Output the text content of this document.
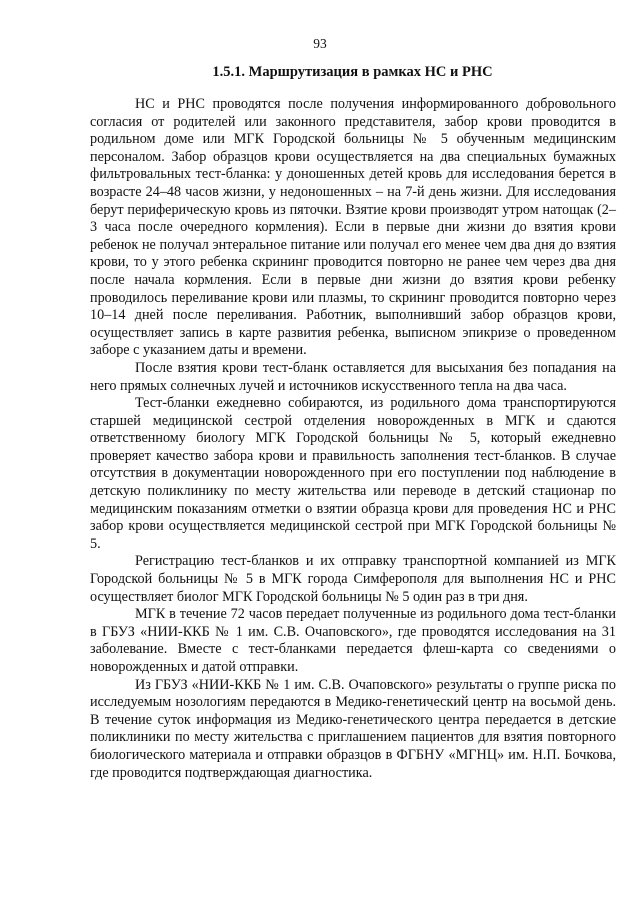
93
1.5.1. Маршрутизация в рамках НС и РНС

НС и РНС проводятся после получения информированного добровольного согласия от родителей или законного представителя, забор крови проводится в родильном доме или МГК Городской больницы № 5 обученным медицинским персоналом. Забор образцов крови осуществляется на два специальных бумажных фильтровальных тест-бланка: у доношенных детей кровь для исследования берется в возрасте 24–48 часов жизни, у недоношенных – на 7-й день жизни. Для исследования берут периферическую кровь из пяточки. Взятие крови производят утром натощак (2–3 часа после очередного кормления). Если в первые дни жизни до взятия крови ребенок не получал энтеральное питание или получал его менее чем два дня до взятия крови, то у этого ребенка скрининг проводится повторно не ранее чем через два дня после начала кормления. Если в первые дни жизни до взятия крови ребенку проводилось переливание крови или плазмы, то скрининг проводится повторно через 10–14 дней после переливания. Работник, выполнивший забор образцов крови, осуществляет запись в карте развития ребенка, выписном эпикризе о проведенном заборе с указанием даты и времени.

После взятия крови тест-бланк оставляется для высыхания без попадания на него прямых солнечных лучей и источников искусственного тепла на два часа.

Тест-бланки ежедневно собираются, из родильного дома транспортируются старшей медицинской сестрой отделения новорожденных в МГК и сдаются ответственному биологу МГК Городской больницы № 5, который ежедневно проверяет качество забора крови и правильность заполнения тест-бланков. В случае отсутствия в документации новорожденного при его поступлении под наблюдение в детскую поликлинику по месту жительства или переводе в детский стационар по медицинским показаниям отметки о взятии образца крови для проведения НС и РНС забор крови осуществляется медицинской сестрой при МГК Городской больницы № 5.

Регистрацию тест-бланков и их отправку транспортной компанией из МГК Городской больницы № 5 в МГК города Симферополя для выполнения НС и РНС осуществляет биолог МГК Городской больницы № 5 один раз в три дня.

МГК в течение 72 часов передает полученные из родильного дома тест-бланки в ГБУЗ «НИИ-ККБ № 1 им. С.В. Очаповского», где проводятся исследования на 31 заболевание. Вместе с тест-бланками передается флеш-карта со сведениями о новорожденных и датой отправки.

Из ГБУЗ «НИИ-ККБ № 1 им. С.В. Очаповского» результаты о группе риска по исследуемым нозологиям передаются в Медико-генетический центр на восьмой день. В течение суток информация из Медико-генетического центра передается в детские поликлиники по месту жительства с приглашением пациентов для взятия повторного биологического материала и отправки образцов в ФГБНУ «МГНЦ» им. Н.П. Бочкова, где проводится подтверждающая диагностика.
